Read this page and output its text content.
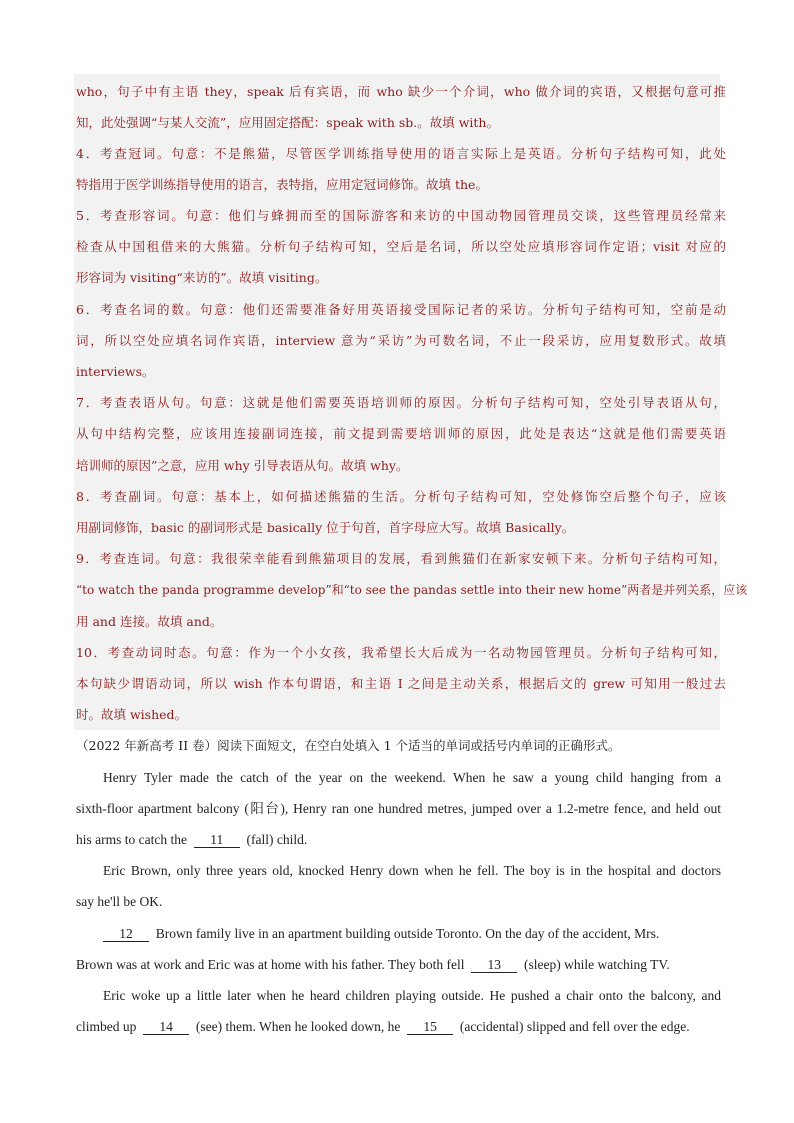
who，句子中有主语 they，speak 后有宾语，而 who 缺少一个介词，who 做介词的宾语，又根据句意可推
知，此处强调“与某人交流”，应用固定搭配：speak with sb.。故填 with。
4．考查冠词。句意：不是熊猫，尽管医学训练指导使用的语言实际上是英语。分析句子结构可知，此处
特指用于医学训练指导使用的语言，表特指，应用定冠词修饰。故填 the。
5．考查形容词。句意：他们与蜂拥而至的国际游客和来访的中国动物园管理员交谈，这些管理员经常来
检查从中国租借来的大熊猫。分析句子结构可知，空后是名词，所以空处应填形容词作定语；visit 对应的
形容词为 visiting“来访的”。故填 visiting。
6．考查名词的数。句意：他们还需要准备好用英语接受国际记者的采访。分析句子结构可知，空前是动
词，所以空处应填名词作宾语，interview 意为“采访”为可数名词，不止一段采访，应用复数形式。故填
interviews。
7．考查表语从句。句意：这就是他们需要英语培训师的原因。分析句子结构可知，空处引导表语从句，
从句中结构完整，应该用连接副词连接，前文提到需要培训师的原因，此处是表达“这就是他们需要英语
培训师的原因”之意，应用 why 引导表语从句。故填 why。
8．考查副词。句意：基本上，如何描述熊猫的生活。分析句子结构可知，空处修饰空后整个句子，应该
用副词修饰，basic 的副词形式是 basically 位于句首，首字母应大写。故填 Basically。
9．考查连词。句意：我很荣幸能看到熊猫项目的发展，看到熊猫们在新家安顿下来。分析句子结构可知，
“to watch the panda programme develop”和“to see the pandas settle into their new home”两者是并列关系，应该
用 and 连接。故填 and。
10．考查动词时态。句意：作为一个小女孩，我希望长大后成为一名动物园管理员。分析句子结构可知，
本句缺少谓语动词，所以 wish 作本句谓语，和主语 I 之间是主动关系，根据后文的 grew 可知用一般过去
时。故填 wished。
（2022 年新高考 II 卷）阅读下面短文，在空白处填入 1 个适当的单词或括号内单词的正确形式。
Henry Tyler made the catch of the year on the weekend. When he saw a young child hanging from a
sixth-floor apartment balcony (阳台), Henry ran one hundred metres, jumped over a 1.2-metre fence, and held out
his arms to catch the 11 (fall) child.
Eric Brown, only three years old, knocked Henry down when he fell. The boy is in the hospital and doctors
say he'll be OK.
12 Brown family live in an apartment building outside Toronto. On the day of the accident, Mrs.
Brown was at work and Eric was at home with his father. They both fell 13 (sleep) while watching TV.
Eric woke up a little later when he heard children playing outside. He pushed a chair onto the balcony, and
climbed up 14 (see) them. When he looked down, he 15 (accidental) slipped and fell over the edge.
